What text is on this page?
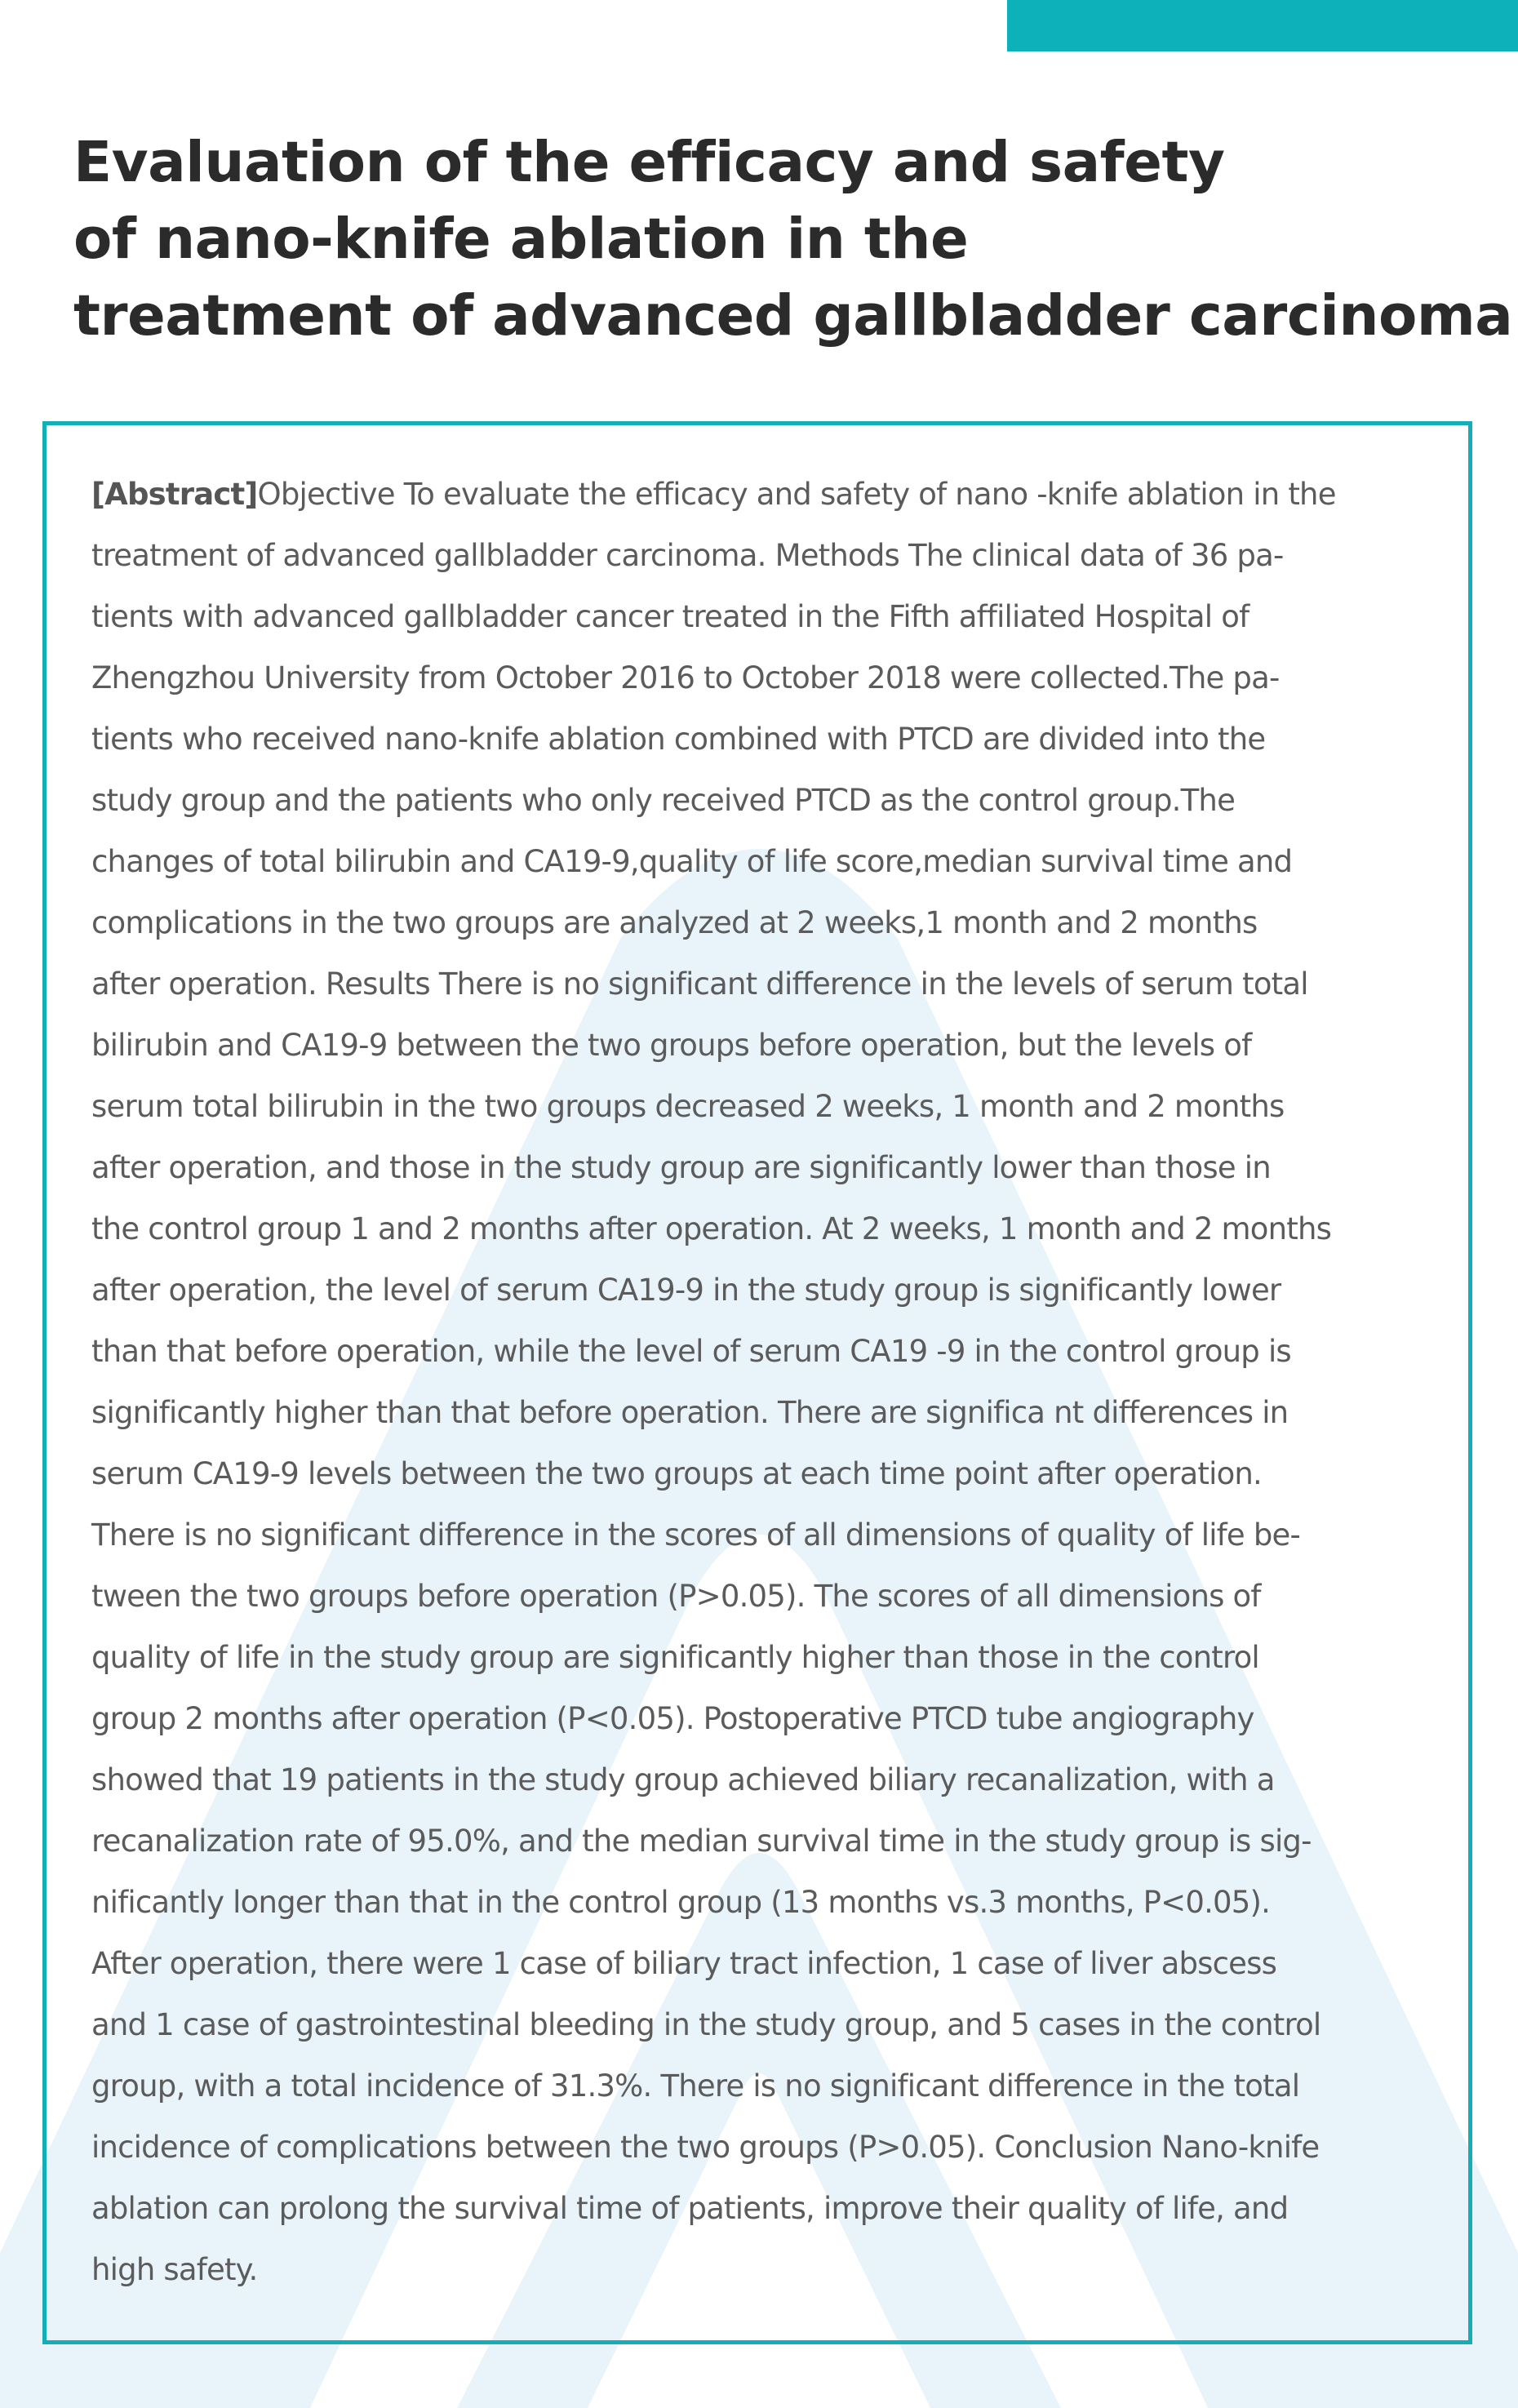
Evaluation of the efficacy and safety
of nano-knife ablation in the
treatment of advanced gallbladder carcinoma
[Abstract]Objective To evaluate the efficacy and safety of nano -knife ablation in the
treatment of advanced gallbladder carcinoma. Methods The clinical data of 36 pa-
tients with advanced gallbladder cancer treated in the Fifth affiliated Hospital of
Zhengzhou University from October 2016 to October 2018 were collected.The pa-
tients who received nano-knife ablation combined with PTCD are divided into the
study group and the patients who only received PTCD as the control group.The
changes of total bilirubin and CA19-9,quality of life score,median survival time and
complications in the two groups are analyzed at 2 weeks,1 month and 2 months
after operation. Results There is no significant difference in the levels of serum total
bilirubin and CA19-9 between the two groups before operation, but the levels of
serum total bilirubin in the two groups decreased 2 weeks, 1 month and 2 months
after operation, and those in the study group are significantly lower than those in
the control group 1 and 2 months after operation. At 2 weeks, 1 month and 2 months
after operation, the level of serum CA19-9 in the study group is significantly lower
than that before operation, while the level of serum CA19 -9 in the control group is
significantly higher than that before operation. There are significa nt differences in
serum CA19-9 levels between the two groups at each time point after operation.
There is no significant difference in the scores of all dimensions of quality of life be-
tween the two groups before operation (P>0.05). The scores of all dimensions of
quality of life in the study group are significantly higher than those in the control
group 2 months after operation (P<0.05). Postoperative PTCD tube angiography
showed that 19 patients in the study group achieved biliary recanalization, with a
recanalization rate of 95.0%, and the median survival time in the study group is sig-
nificantly longer than that in the control group (13 months vs.3 months, P<0.05).
After operation, there were 1 case of biliary tract infection, 1 case of liver abscess
and 1 case of gastrointestinal bleeding in the study group, and 5 cases in the control
group, with a total incidence of 31.3%. There is no significant difference in the total
incidence of complications between the two groups (P>0.05). Conclusion Nano-knife
ablation can prolong the survival time of patients, improve their quality of life, and
high safety.
